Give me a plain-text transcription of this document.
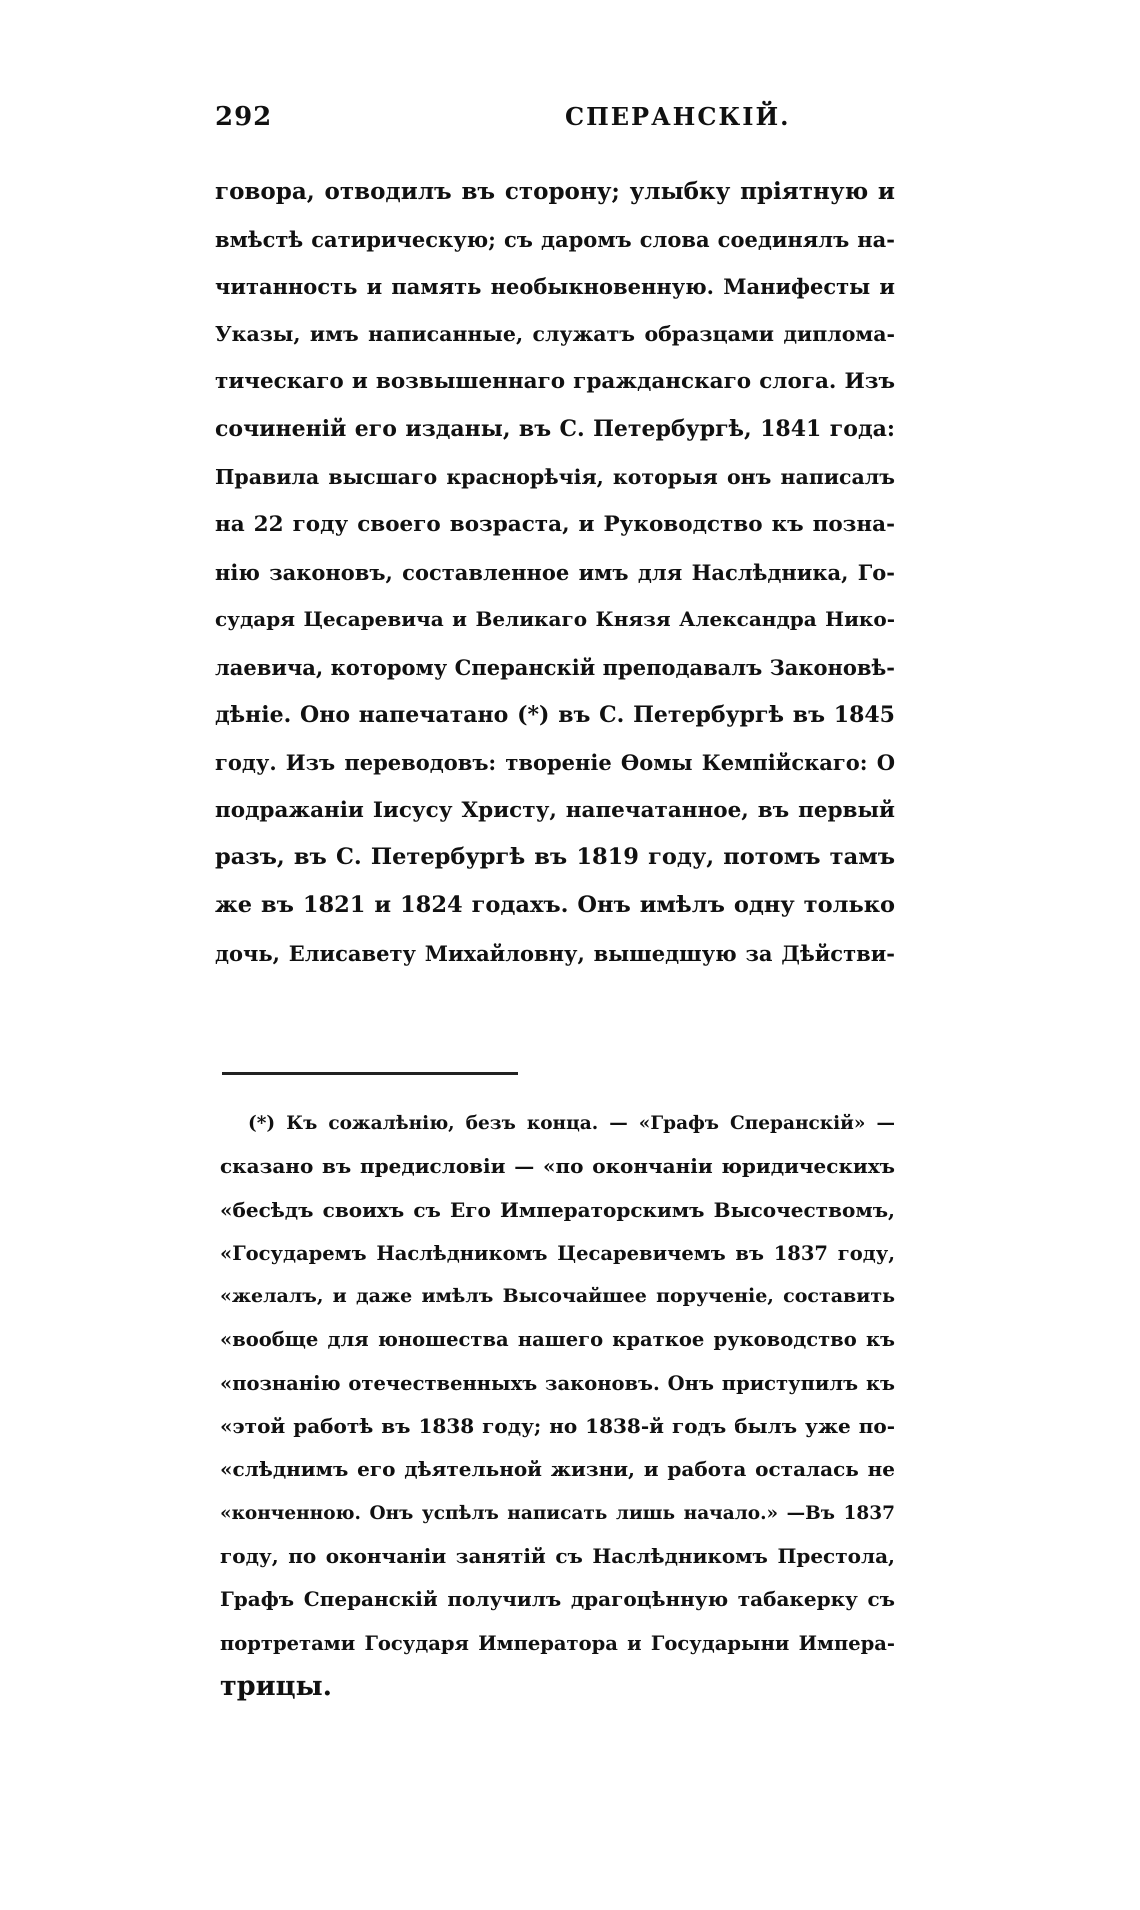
292	СПЕРАНСКІЙ.
говора, отводилъ въ сторону; улыбку пріятную и
вмѣстѣ сатирическую; съ даромъ слова соединялъ на-
читанность и память необыкновенную. Манифесты и
Указы, имъ написанные, служатъ образцами дипломa-
тическаго и возвышеннаго гражданскаго слога. Изъ
сочиненій его изданы, въ С. Петербургѣ, 1841 года:
Правила высшаго краснорѣчія, которыя онъ написалъ
на 22 году своего возраста, и Руководство къ позна-
нію законовъ, составленное имъ для Наслѣдника, Го-
сударя Цесаревича и Великаго Князя Александра Нико-
лаевича, которому Сперанскій преподавалъ Законовѣ-
дѣніе. Оно напечатано (*) въ С. Петербургѣ въ 1845
году. Изъ переводовъ: твореніе Ѳомы Кемпійскаго: О
подражаніи Іисусу Христу, напечатанное, въ первый
разъ, въ С. Петербургѣ въ 1819 году, потомъ тамъ
же въ 1821 и 1824 годахъ. Онъ имѣлъ одну только
дочь, Елисавету Михайловну, вышедшую за Дѣйстви-
(*) Къ сожалѣнію, безъ конца. — «Графъ Сперанскій» —
сказано въ предисловіи — «по окончаніи юридическихъ
«бесѣдъ своихъ съ Его Императорскимъ Высочествомъ,
«Государемъ Наслѣдникомъ Цесаревичемъ въ 1837 году,
«желалъ, и даже имѣлъ Высочайшее порученіе, составить
«вообще для юношества нашего краткое руководство къ
«познанію отечественныхъ законовъ. Онъ приступилъ къ
«этой работѣ въ 1838 году; но 1838-й годъ былъ уже по-
«слѣднимъ его дѣятельной жизни, и работа осталась не
«конченною. Онъ успѣлъ написать лишь начало.» —Въ 1837
году, по окончаніи занятій съ Наслѣдникомъ Престола,
Графъ Сперанскій получилъ драгоцѣнную табакерку съ
портретами Государя Императора и Государыни Импера-
трицы.
